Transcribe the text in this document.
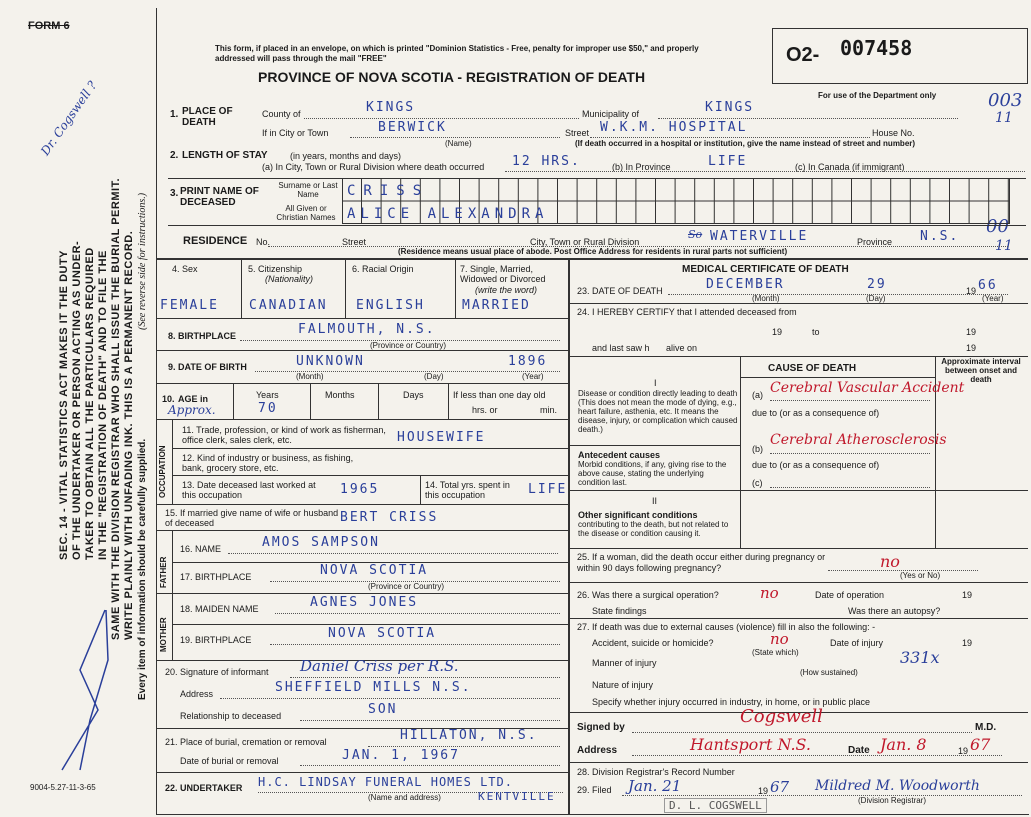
FORM 6
Dr. Cogswell ?
SEC. 14 - VITAL STATISTICS ACT MAKES IT THE DUTY OF THE UNDERTAKER OR PERSON ACTING AS UNDER- TAKER TO OBTAIN ALL THE PARTICULARS REQUIRED IN THE "REGISTRATION OF DEATH" AND TO FILE THE SAME WITH THE DIVISION REGISTRAR WHO SHALL ISSUE THE BURIAL PERMIT. WRITE PLAINLY WITH UNFADING INK. THIS IS A PERMANENT RECORD. (See reverse side for instructions.)
Every item of information should be carefully supplied.
9004-5.27-11-3-65
This form, if placed in an envelope, on which is printed "Dominion Statistics - Free, penalty for improper use $50," and properly addressed will pass through the mail "FREE"
PROVINCE OF NOVA SCOTIA - REGISTRATION OF DEATH
O2- 007458
For use of the Department only	003
11
00
11
1. PLACE OF DEATH
County of	KINGS	Municipality of	KINGS
If in City or Town	BERWICK
(Name)
Street W.K.M. HOSPITAL	House No.
(If death occurred in a hospital or institution, give the name instead of street and number)
2. LENGTH OF STAY (in years, months and days)
(a) In City, Town or Rural Division where death occurred 12 HRS.	(b) In Province	LIFE	(c) In Canada (if immigrant)
3. PRINT NAME OF DECEASED
Surname or Last Name
All Given or Christian Names
CRISS
ALICE ALEXANDRA
RESIDENCE No.	Street	City, Town or Rural Division
So WATERVILLE	Province N.S.
(Residence means usual place of abode. Post Office Address for residents in rural parts not sufficient)
4. Sex	5. Citizenship
(Nationality)
6. Racial Origin	7. Single, Married, Widowed or Divorced
(write the word)
FEMALE CANADIAN ENGLISH	MARRIED
8. BIRTHPLACE	FALMOUTH, N.S.
(Province or Country)
9. DATE OF BIRTH	UNKNOWN	1896
(Month)	(Day)	(Year)
10. AGE in
Approx.
Years	Months	Days
70
If less than one day old
hrs. or	min.
OCCUPATION
11. Trade, profession, or kind of work as fisherman, office clerk, sales clerk, etc.	HOUSEWIFE
12. Kind of industry or business, as fishing, bank, grocery store, etc.
13. Date deceased last worked at this occupation	1965	14. Total yrs. spent in this occupation	LIFE
15. If married give name of wife or husband of deceased	BERT CRISS
FATHER
MOTHER
16. NAME	AMOS SAMPSON
17. BIRTHPLACE	NOVA SCOTIA
(Province or Country)
18. MAIDEN NAME	AGNES JONES
19. BIRTHPLACE	NOVA SCOTIA
20. Signature of informant Daniel Criss per R.S.
Address	SHEFFIELD MILLS N.S.
Relationship to deceased	SON
21. Place of burial, cremation or removal	HILLATON, N.S.
Date of burial or removal	JAN. 1, 1967
22. UNDERTAKER H.C. LINDSAY FUNERAL HOMES LTD.
(Name and address)	KENTVILLE
MEDICAL CERTIFICATE OF DEATH
23. DATE OF DEATH	DECEMBER	29	19 66
(Month)	(Day)	(Year)
24. I HEREBY CERTIFY that I attended deceased from
19	to	19
and last saw h alive on	19
CAUSE OF DEATH
Approximate interval between onset and death
I
Disease or condition directly leading to death (This does not mean the mode of dying, e.g., heart failure, asthenia, etc. It means the disease, injury, or complication which caused death.)
(a) Cerebral Vascular Accident
due to (or as a consequence of)
Antecedent causes
Morbid conditions, if any, giving rise to the above cause, stating the underlying condition last.
(b)
Cerebral Atherosclerosis
due to (or as a consequence of)
(c)
II
Other significant conditions
contributing to the death, but not related to the disease or condition causing it.
25. If a woman, did the death occur either during pregnancy or within 90 days following pregnancy?	no
(Yes or No)
26. Was there a surgical operation?	no	Date of operation	19
State findings	Was there an autopsy?
27. If death was due to external causes (violence) fill in also the following: -
Accident, suicide or homicide?	no
(State which)
Date of injury	19
331x
Manner of injury
(How sustained)
Nature of injury
Specify whether injury occurred in industry, in home, or in public place
Signed by
Cogswell
M.D.
Address	Hantsport N.S.	Date Jan. 8	19 67
28. Division Registrar's Record Number
29. Filed Jan. 21	19 67 Mildred M. Woodworth
(Division Registrar)
D. L. COGSWELL
